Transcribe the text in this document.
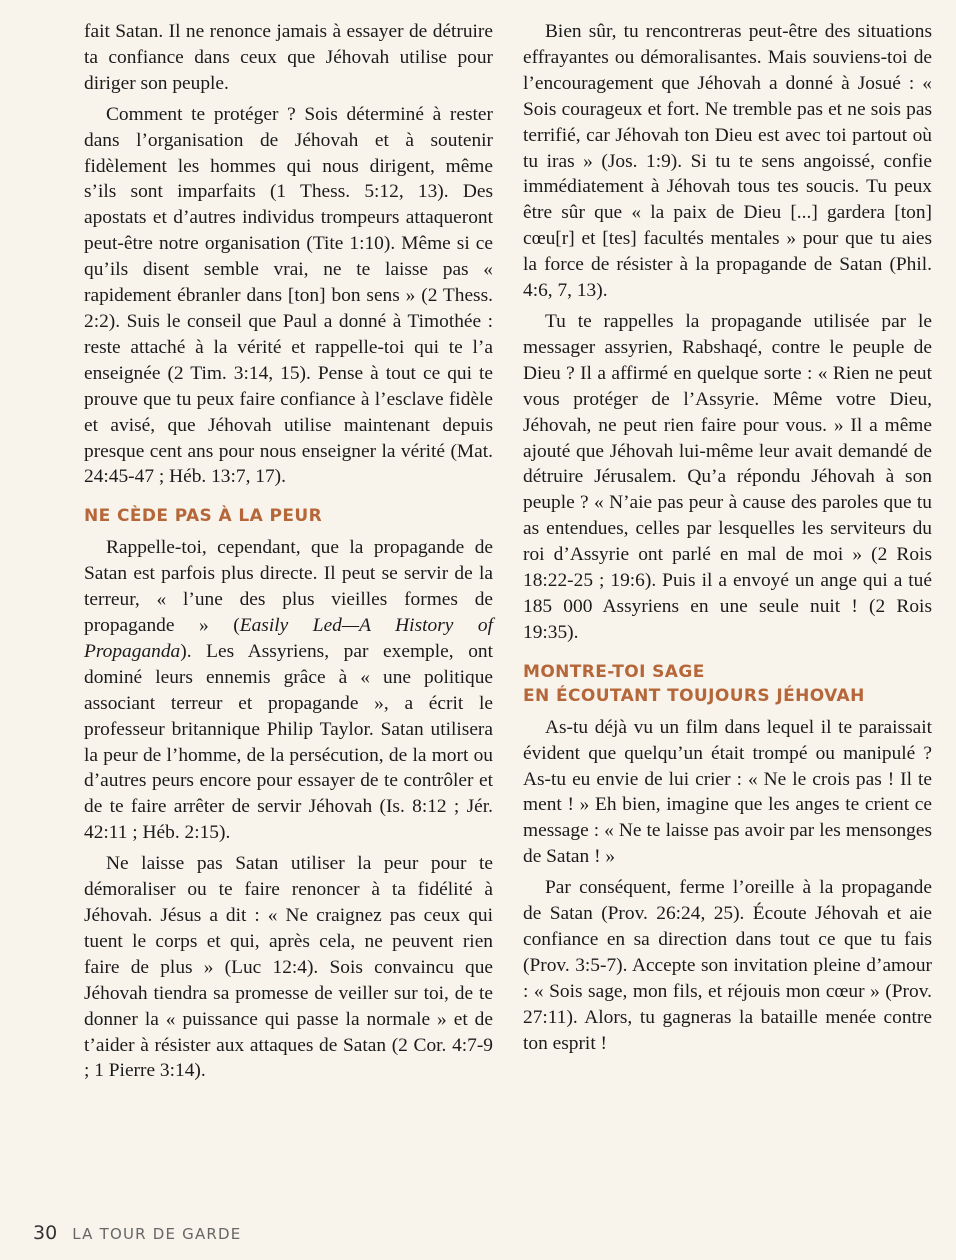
fait Satan. Il ne renonce jamais à essayer de détruire ta confiance dans ceux que Jéhovah utilise pour diriger son peuple.

Comment te protéger ? Sois déterminé à rester dans l’organisation de Jéhovah et à soutenir fidèlement les hommes qui nous dirigent, même s’ils sont imparfaits (1 Thess. 5:12, 13). Des apostats et d’autres individus trompeurs attaqueront peut-être notre organisation (Tite 1:10). Même si ce qu’ils disent semble vrai, ne te laisse pas « rapidement ébranler dans [ton] bon sens » (2 Thess. 2:2). Suis le conseil que Paul a donné à Timothée : reste attaché à la vérité et rappelle-toi qui te l’a enseignée (2 Tim. 3:14, 15). Pense à tout ce qui te prouve que tu peux faire confiance à l’esclave fidèle et avisé, que Jéhovah utilise maintenant depuis presque cent ans pour nous enseigner la vérité (Mat. 24:45-47 ; Héb. 13:7, 17).

NE CÈDE PAS À LA PEUR

Rappelle-toi, cependant, que la propagande de Satan est parfois plus directe. Il peut se servir de la terreur, « l’une des plus vieilles formes de propagande » (Easily Led—A History of Propaganda). Les Assyriens, par exemple, ont dominé leurs ennemis grâce à « une politique associant terreur et propagande », a écrit le professeur britannique Philip Taylor. Satan utilisera la peur de l’homme, de la persécution, de la mort ou d’autres peurs encore pour essayer de te contrôler et de te faire arrêter de servir Jéhovah (Is. 8:12 ; Jér. 42:11 ; Héb. 2:15).

Ne laisse pas Satan utiliser la peur pour te démoraliser ou te faire renoncer à ta fidélité à Jéhovah. Jésus a dit : « Ne craignez pas ceux qui tuent le corps et qui, après cela, ne peuvent rien faire de plus » (Luc 12:4). Sois convaincu que Jéhovah tiendra sa promesse de veiller sur toi, de te donner la « puissance qui passe la normale » et de t’aider à résister aux attaques de Satan (2 Cor. 4:7-9 ; 1 Pierre 3:14).

Bien sûr, tu rencontreras peut-être des situations effrayantes ou démoralisantes. Mais souviens-toi de l’encouragement que Jéhovah a donné à Josué : « Sois courageux et fort. Ne tremble pas et ne sois pas terrifié, car Jéhovah ton Dieu est avec toi partout où tu iras » (Jos. 1:9). Si tu te sens angoissé, confie immédiatement à Jéhovah tous tes soucis. Tu peux être sûr que « la paix de Dieu [...] gardera [ton] cœu[r] et [tes] facultés mentales » pour que tu aies la force de résister à la propagande de Satan (Phil. 4:6, 7, 13).

Tu te rappelles la propagande utilisée par le messager assyrien, Rabshaqé, contre le peuple de Dieu ? Il a affirmé en quelque sorte : « Rien ne peut vous protéger de l’Assyrie. Même votre Dieu, Jéhovah, ne peut rien faire pour vous. » Il a même ajouté que Jéhovah lui-même leur avait demandé de détruire Jérusalem. Qu’a répondu Jéhovah à son peuple ? « N’aie pas peur à cause des paroles que tu as entendues, celles par lesquelles les serviteurs du roi d’Assyrie ont parlé en mal de moi » (2 Rois 18:22-25 ; 19:6). Puis il a envoyé un ange qui a tué 185 000 Assyriens en une seule nuit ! (2 Rois 19:35).

MONTRE-TOI SAGE
EN ÉCOUTANT TOUJOURS JÉHOVAH

As-tu déjà vu un film dans lequel il te paraissait évident que quelqu’un était trompé ou manipulé ? As-tu eu envie de lui crier : « Ne le crois pas ! Il te ment ! » Eh bien, imagine que les anges te crient ce message : « Ne te laisse pas avoir par les mensonges de Satan ! »

Par conséquent, ferme l’oreille à la propagande de Satan (Prov. 26:24, 25). Écoute Jéhovah et aie confiance en sa direction dans tout ce que tu fais (Prov. 3:5-7). Accepte son invitation pleine d’amour : « Sois sage, mon fils, et réjouis mon cœur » (Prov. 27:11). Alors, tu gagneras la bataille menée contre ton esprit !

30 LA TOUR DE GARDE
